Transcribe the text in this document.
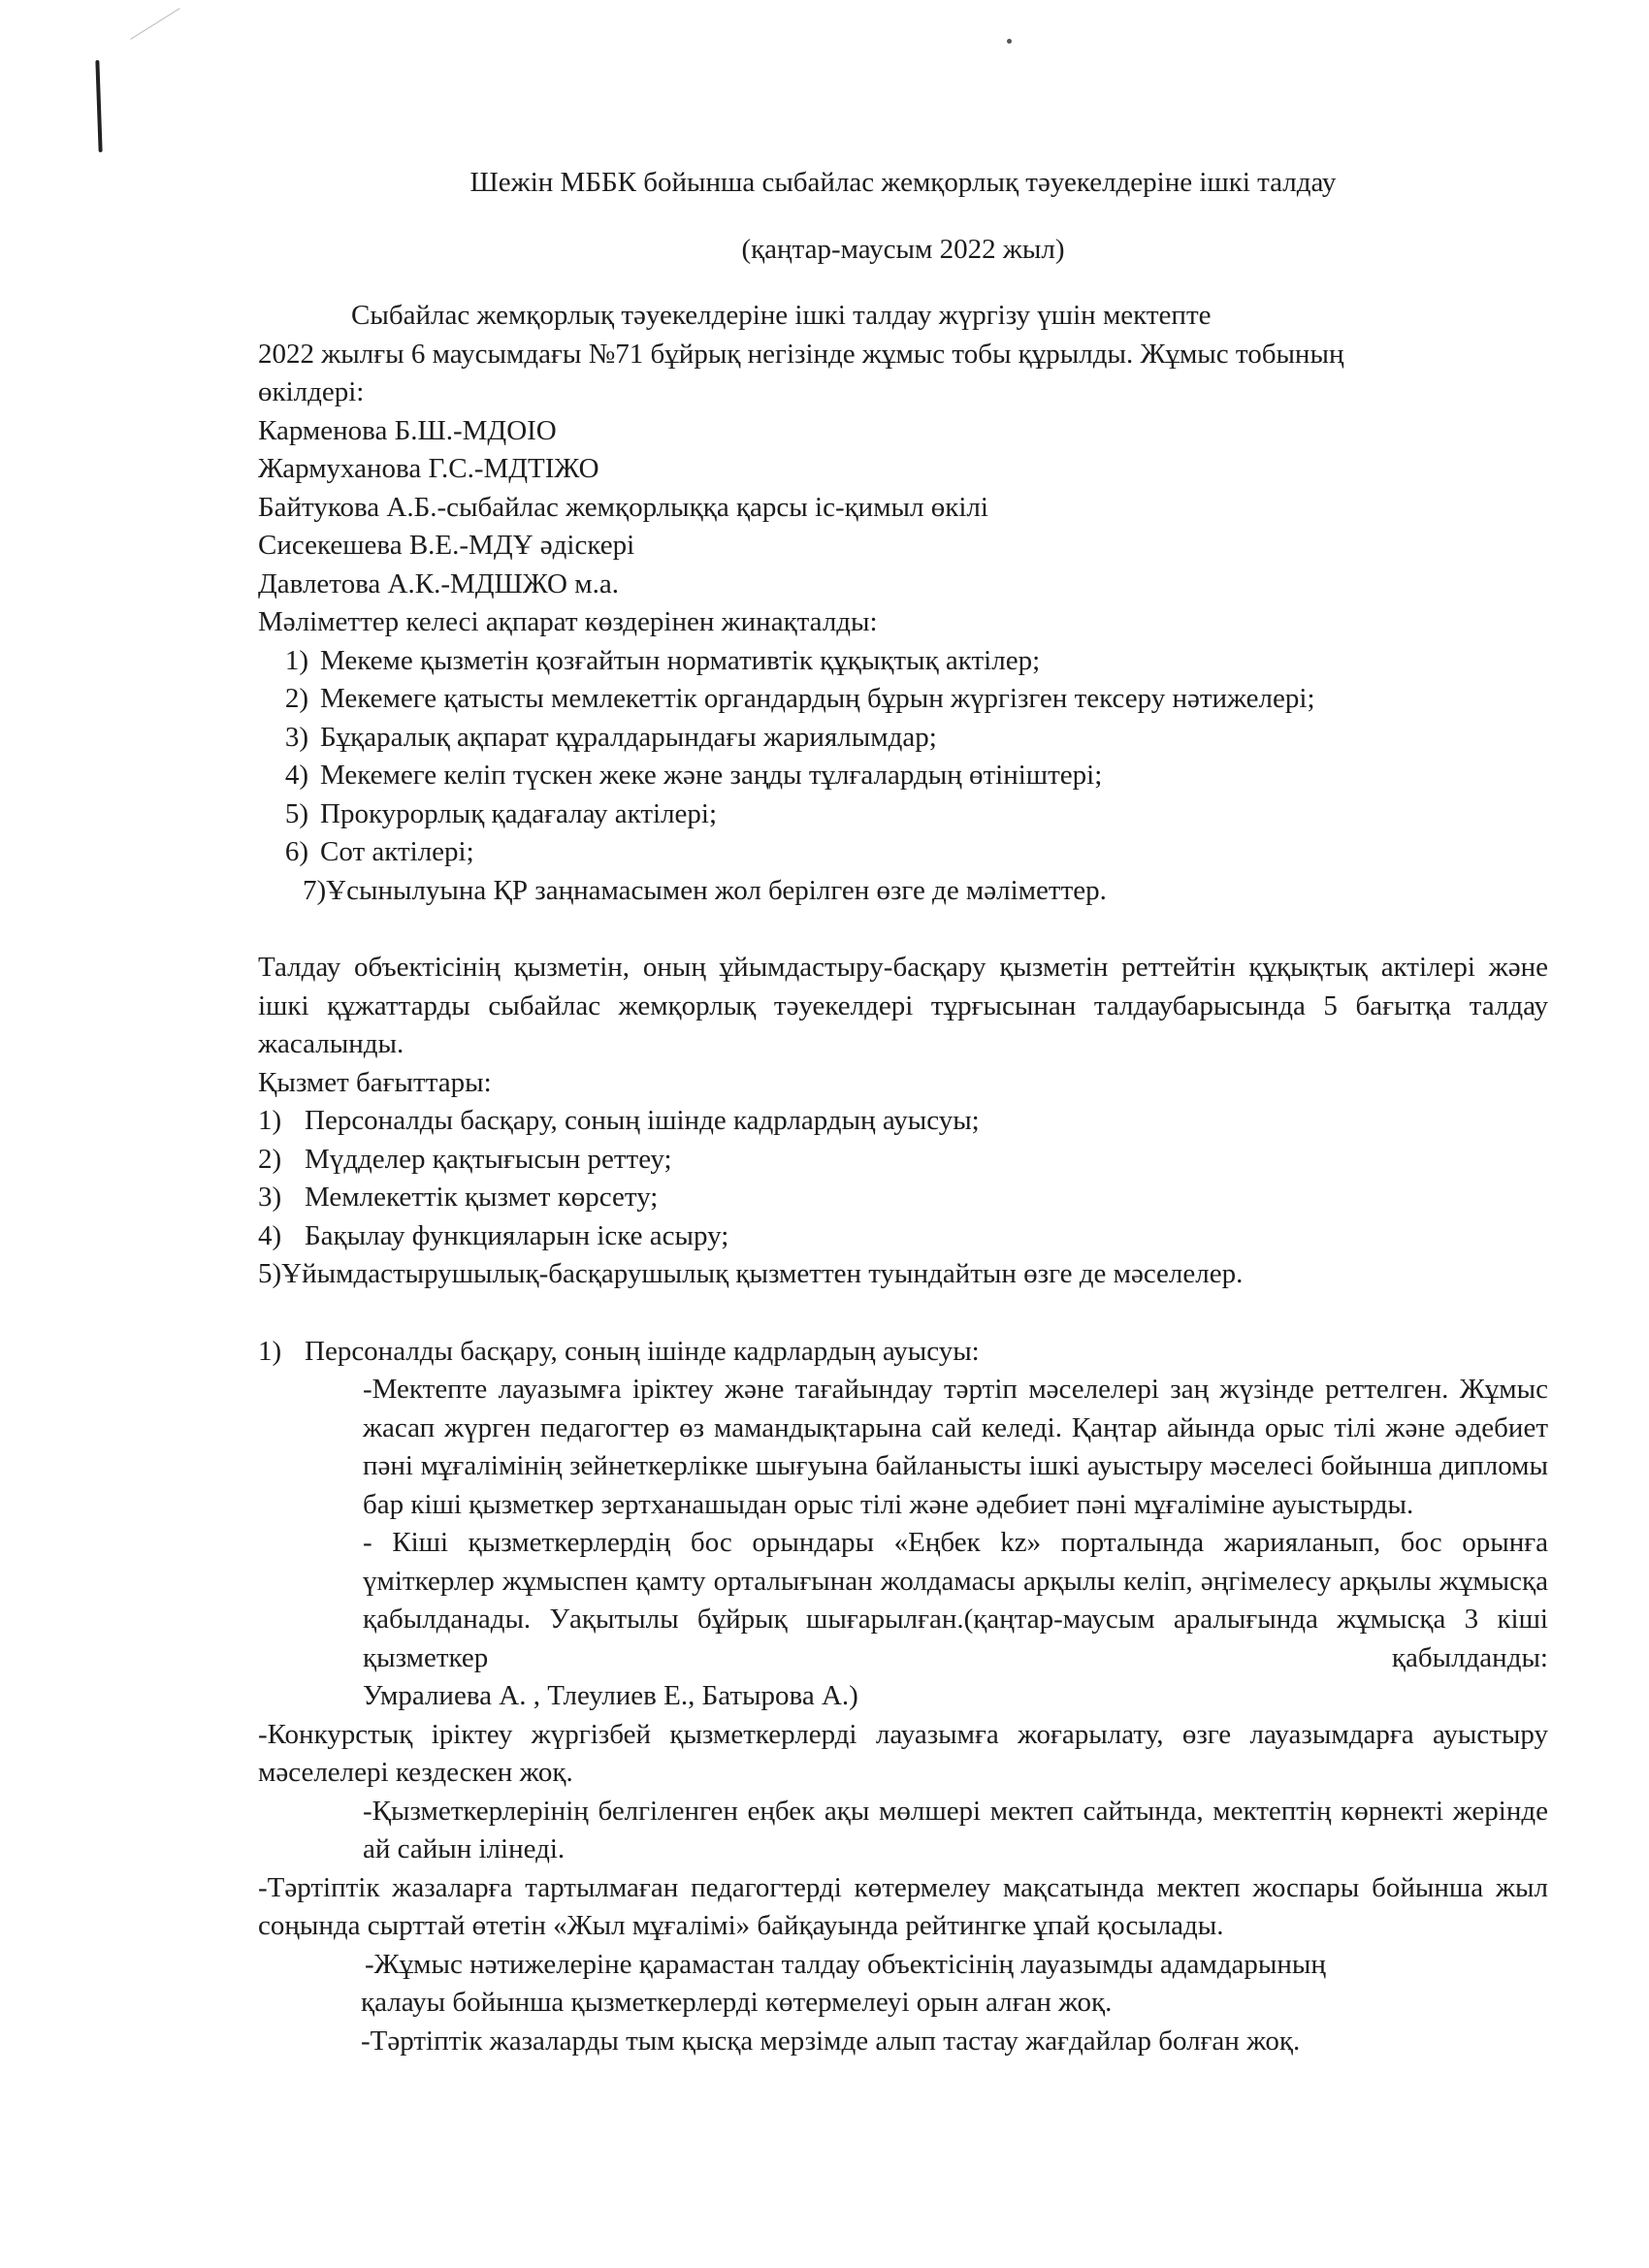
Шежін МББК бойынша сыбайлас жемқорлық тәуекелдеріне ішкі талдау

(қаңтар-маусым 2022 жыл)

Сыбайлас жемқорлық тәуекелдеріне ішкі талдау жүргізу үшін мектепте

2022 жылғы 6 маусымдағы №71 бұйрық негізінде жұмыс тобы құрылды. Жұмыс тобының

өкілдері:

Карменова Б.Ш.-МДОІО

Жармуханова Г.С.-МДТІЖО

Байтукова А.Б.-сыбайлас жемқорлыққа қарсы іс-қимыл өкілі

Сисекешева В.Е.-МДҰ әдіскері

Давлетова А.К.-МДШЖО м.а.

Мәліметтер келесі ақпарат көздерінен жинақталды:

1) Мекеме қызметін қозғайтын нормативтік құқықтық актілер;
2) Мекемеге қатысты мемлекеттік органдардың бұрын жүргізген тексеру нәтижелері;
3) Бұқаралық ақпарат құралдарындағы жариялымдар;
4) Мекемеге келіп түскен жеке және заңды тұлғалардың өтініштері;
5) Прокурорлық қадағалау актілері;
6) Сот актілері;

7)Ұсынылуына ҚР заңнамасымен жол берілген өзге де мәліметтер.

Талдау объектісінің қызметін, оның ұйымдастыру-басқару қызметін реттейтін құқықтық актілері және ішкі құжаттарды сыбайлас жемқорлық тәуекелдері тұрғысынан талдаубарысында 5 бағытқа талдау жасалынды.

Қызмет бағыттары:

1) Персоналды басқару, соның ішінде кадрлардың ауысуы;
2) Мүдделер қақтығысын реттеу;
3) Мемлекеттік қызмет көрсету;
4) Бақылау функцияларын іске асыру;

5)Ұйымдастырушылық-басқарушылық қызметтен туындайтын өзге де мәселелер.

1) Персоналды басқару, соның ішінде кадрлардың ауысуы:

-Мектепте лауазымға іріктеу және тағайындау тәртіп мәселелері заң жүзінде реттелген. Жұмыс жасап жүрген педагогтер өз мамандықтарына сай келеді. Қаңтар айында орыс тілі және әдебиет пәні мұғалімінің зейнеткерлікке шығуына байланысты ішкі ауыстыру мәселесі бойынша дипломы бар кіші қызметкер зертханашыдан орыс тілі және әдебиет пәні мұғаліміне ауыстырды.

- Кіші қызметкерлердің бос орындары «Еңбек kz» порталында жарияланып, бос орынға үміткерлер жұмыспен қамту орталығынан жолдамасы арқылы келіп, әңгімелесу арқылы жұмысқа қабылданады. Уақытылы бұйрық шығарылған.(қаңтар-маусым аралығында жұмысқа 3 кіші қызметкер қабылданды:

Умралиева А. , Тлеулиев Е., Батырова А.)

-Конкурстық іріктеу жүргізбей қызметкерлерді лауазымға жоғарылату, өзге лауазымдарға ауыстыру мәселелері кездескен жоқ.

-Қызметкерлерінің белгіленген еңбек ақы мөлшері мектеп сайтында, мектептің көрнекті жерінде ай сайын ілінеді.

-Тәртіптік жазаларға тартылмаған педагогтерді көтермелеу мақсатында мектеп жоспары бойынша жыл соңында сырттай өтетін «Жыл мұғалімі» байқауында рейтингке ұпай қосылады.

-Жұмыс нәтижелеріне қарамастан талдау объектісінің лауазымды адамдарының

қалауы бойынша қызметкерлерді көтермелеуі орын алған жоқ.

-Тәртіптік жазаларды тым қысқа мерзімде алып тастау жағдайлар болған жоқ.
